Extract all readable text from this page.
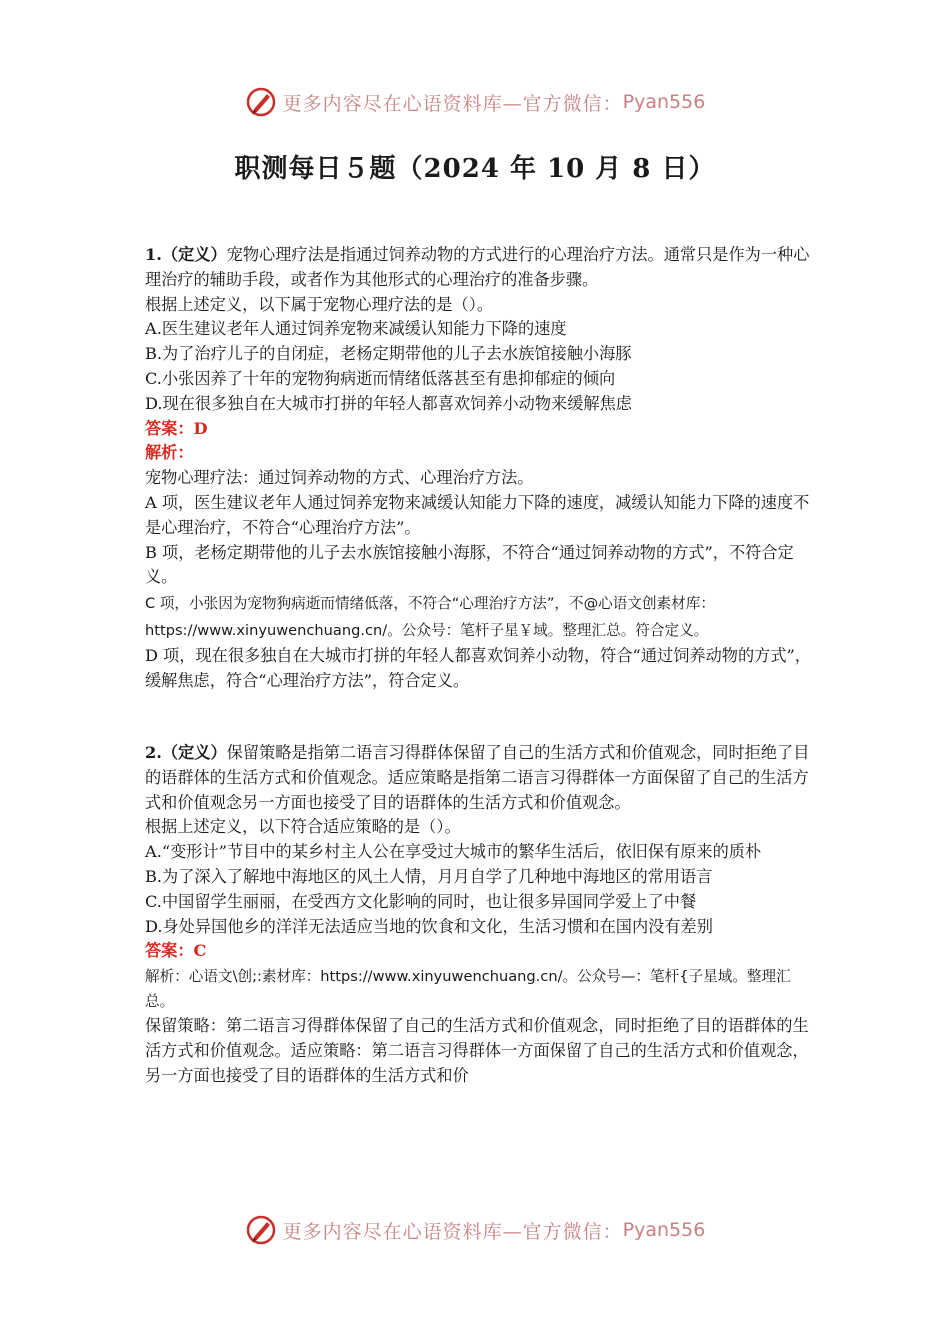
更多内容尽在心语资料库—官方微信： Pyan556
职测每日５题（2024 年 10 月 8 日）

1.（定义）宠物心理疗法是指通过饲养动物的方式进行的心理治疗方法。通常只是作为一种心理治疗的辅助手段，或者作为其他形式的心理治疗的准备步骤。

根据上述定义，以下属于宠物心理疗法的是（）。

A.医生建议老年人通过饲养宠物来减缓认知能力下降的速度

B.为了治疗儿子的自闭症，老杨定期带他的儿子去水族馆接触小海豚

C.小张因养了十年的宠物狗病逝而情绪低落甚至有患抑郁症的倾向

D.现在很多独自在大城市打拼的年轻人都喜欢饲养小动物来缓解焦虑

答案：D

解析：

宠物心理疗法：通过饲养动物的方式、心理治疗方法。

A 项，医生建议老年人通过饲养宠物来减缓认知能力下降的速度，减缓认知能力下降的速度不是心理治疗，不符合“心理治疗方法”。

B 项，老杨定期带他的儿子去水族馆接触小海豚，不符合“通过饲养动物的方式”，不符合定义。

C 项，小张因为宠物狗病逝而情绪低落，不符合“心理治疗方法”，不@心语文创素材库：https://www.xinyuwenchuang.cn/。公众号：笔杆子星￥域。整理汇总。符合定义。

D 项，现在很多独自在大城市打拼的年轻人都喜欢饲养小动物，符合“通过饲养动物的方式”，缓解焦虑，符合“心理治疗方法”，符合定义。

2.（定义）保留策略是指第二语言习得群体保留了自己的生活方式和价值观念，同时拒绝了目的语群体的生活方式和价值观念。适应策略是指第二语言习得群体一方面保留了自己的生活方式和价值观念另一方面也接受了目的语群体的生活方式和价值观念。

根据上述定义，以下符合适应策略的是（）。

A.“变形计”节目中的某乡村主人公在享受过大城市的繁华生活后，依旧保有原来的质朴

B.为了深入了解地中海地区的风土人情，月月自学了几种地中海地区的常用语言

C.中国留学生丽丽，在受西方文化影响的同时，也让很多异国同学爱上了中餐

D.身处异国他乡的洋洋无法适应当地的饮食和文化，生活习惯和在国内没有差别

答案：C

解析：心语文\创;:素材库：https://www.xinyuwenchuang.cn/。公众号—：笔杆{子星域。整理汇总。

保留策略：第二语言习得群体保留了自己的生活方式和价值观念，同时拒绝了目的语群体的生活方式和价值观念。适应策略：第二语言习得群体一方面保留了自己的生活方式和价值观念，另一方面也接受了目的语群体的生活方式和价

更多内容尽在心语资料库—官方微信： Pyan556
